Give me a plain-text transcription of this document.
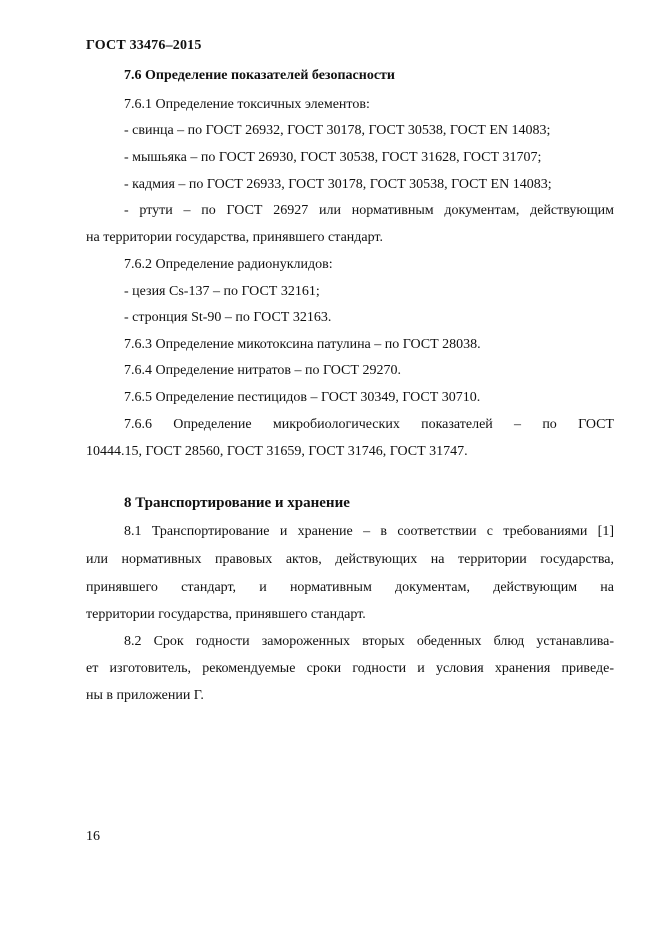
ГОСТ 33476–2015
7.6 Определение показателей безопасности
7.6.1 Определение токсичных элементов:
- свинца – по ГОСТ 26932, ГОСТ 30178, ГОСТ 30538, ГОСТ EN 14083;
- мышьяка – по ГОСТ 26930, ГОСТ 30538, ГОСТ 31628, ГОСТ 31707;
- кадмия – по ГОСТ 26933, ГОСТ 30178, ГОСТ 30538, ГОСТ EN 14083;
- ртути – по ГОСТ 26927 или нормативным документам, действующим
на территории государства, принявшего стандарт.
7.6.2 Определение радионуклидов:
- цезия Cs-137 – по ГОСТ 32161;
- стронция St-90 – по ГОСТ 32163.
7.6.3 Определение микотоксина патулина – по ГОСТ 28038.
7.6.4 Определение нитратов – по ГОСТ 29270.
7.6.5 Определение пестицидов – ГОСТ 30349, ГОСТ 30710.
7.6.6 Определение микробиологических показателей – по ГОСТ
10444.15, ГОСТ 28560, ГОСТ 31659, ГОСТ 31746, ГОСТ 31747.
8 Транспортирование и хранение
8.1 Транспортирование и хранение – в соответствии с требованиями [1]
или нормативных правовых актов, действующих на территории государства,
принявшего стандарт, и нормативным документам, действующим на
территории государства, принявшего стандарт.
8.2 Срок годности замороженных вторых обеденных блюд устанавлива-
ет изготовитель, рекомендуемые сроки годности и условия хранения приведе-
ны в приложении Г.
16
